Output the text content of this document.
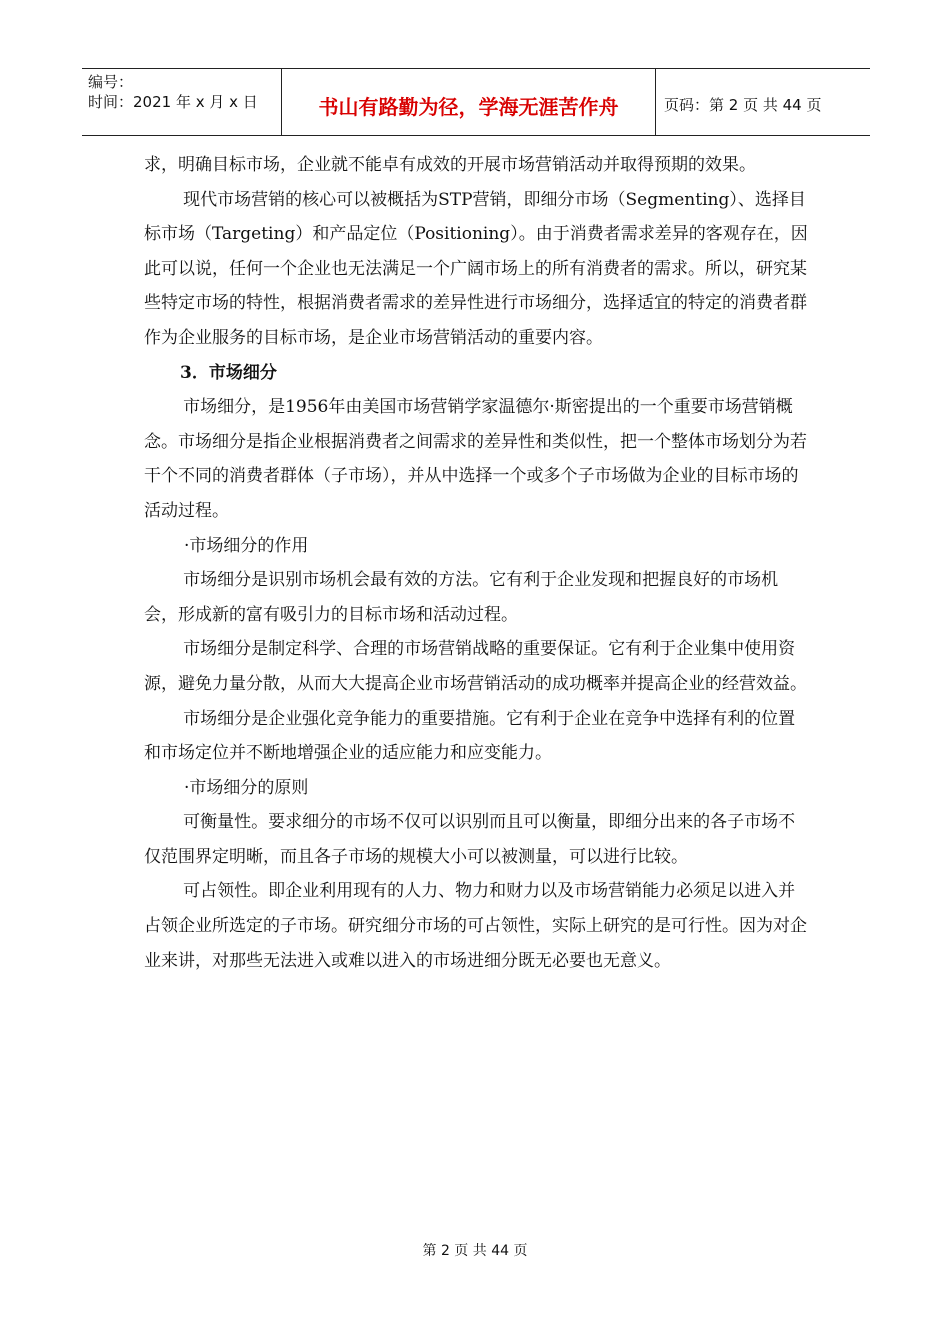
编号：
时间：2021 年 x 月 x 日	书山有路勤为径，学海无涯苦作舟	页码：第 2 页 共 44 页

求，明确目标市场，企业就不能卓有成效的开展市场营销活动并取得预期的效果。

现代市场营销的核心可以被概括为STP营销，即细分市场（Segmenting）、选择目标市场（Targeting）和产品定位（Positioning）。由于消费者需求差异的客观存在，因此可以说，任何一个企业也无法满足一个广阔市场上的所有消费者的需求。所以，研究某些特定市场的特性，根据消费者需求的差异性进行市场细分，选择适宜的特定的消费者群作为企业服务的目标市场，是企业市场营销活动的重要内容。

3．市场细分

市场细分，是1956年由美国市场营销学家温德尔·斯密提出的一个重要市场营销概念。市场细分是指企业根据消费者之间需求的差异性和类似性，把一个整体市场划分为若干个不同的消费者群体（子市场），并从中选择一个或多个子市场做为企业的目标市场的活动过程。

·市场细分的作用

市场细分是识别市场机会最有效的方法。它有利于企业发现和把握良好的市场机会，形成新的富有吸引力的目标市场和活动过程。

市场细分是制定科学、合理的市场营销战略的重要保证。它有利于企业集中使用资源，避免力量分散，从而大大提高企业市场营销活动的成功概率并提高企业的经营效益。

市场细分是企业强化竞争能力的重要措施。它有利于企业在竞争中选择有利的位置和市场定位并不断地增强企业的适应能力和应变能力。

·市场细分的原则

可衡量性。要求细分的市场不仅可以识别而且可以衡量，即细分出来的各子市场不仅范围界定明晰，而且各子市场的规模大小可以被测量，可以进行比较。

可占领性。即企业利用现有的人力、物力和财力以及市场营销能力必须足以进入并占领企业所选定的子市场。研究细分市场的可占领性，实际上研究的是可行性。因为对企业来讲，对那些无法进入或难以进入的市场进细分既无必要也无意义。

第 2 页 共 44 页
